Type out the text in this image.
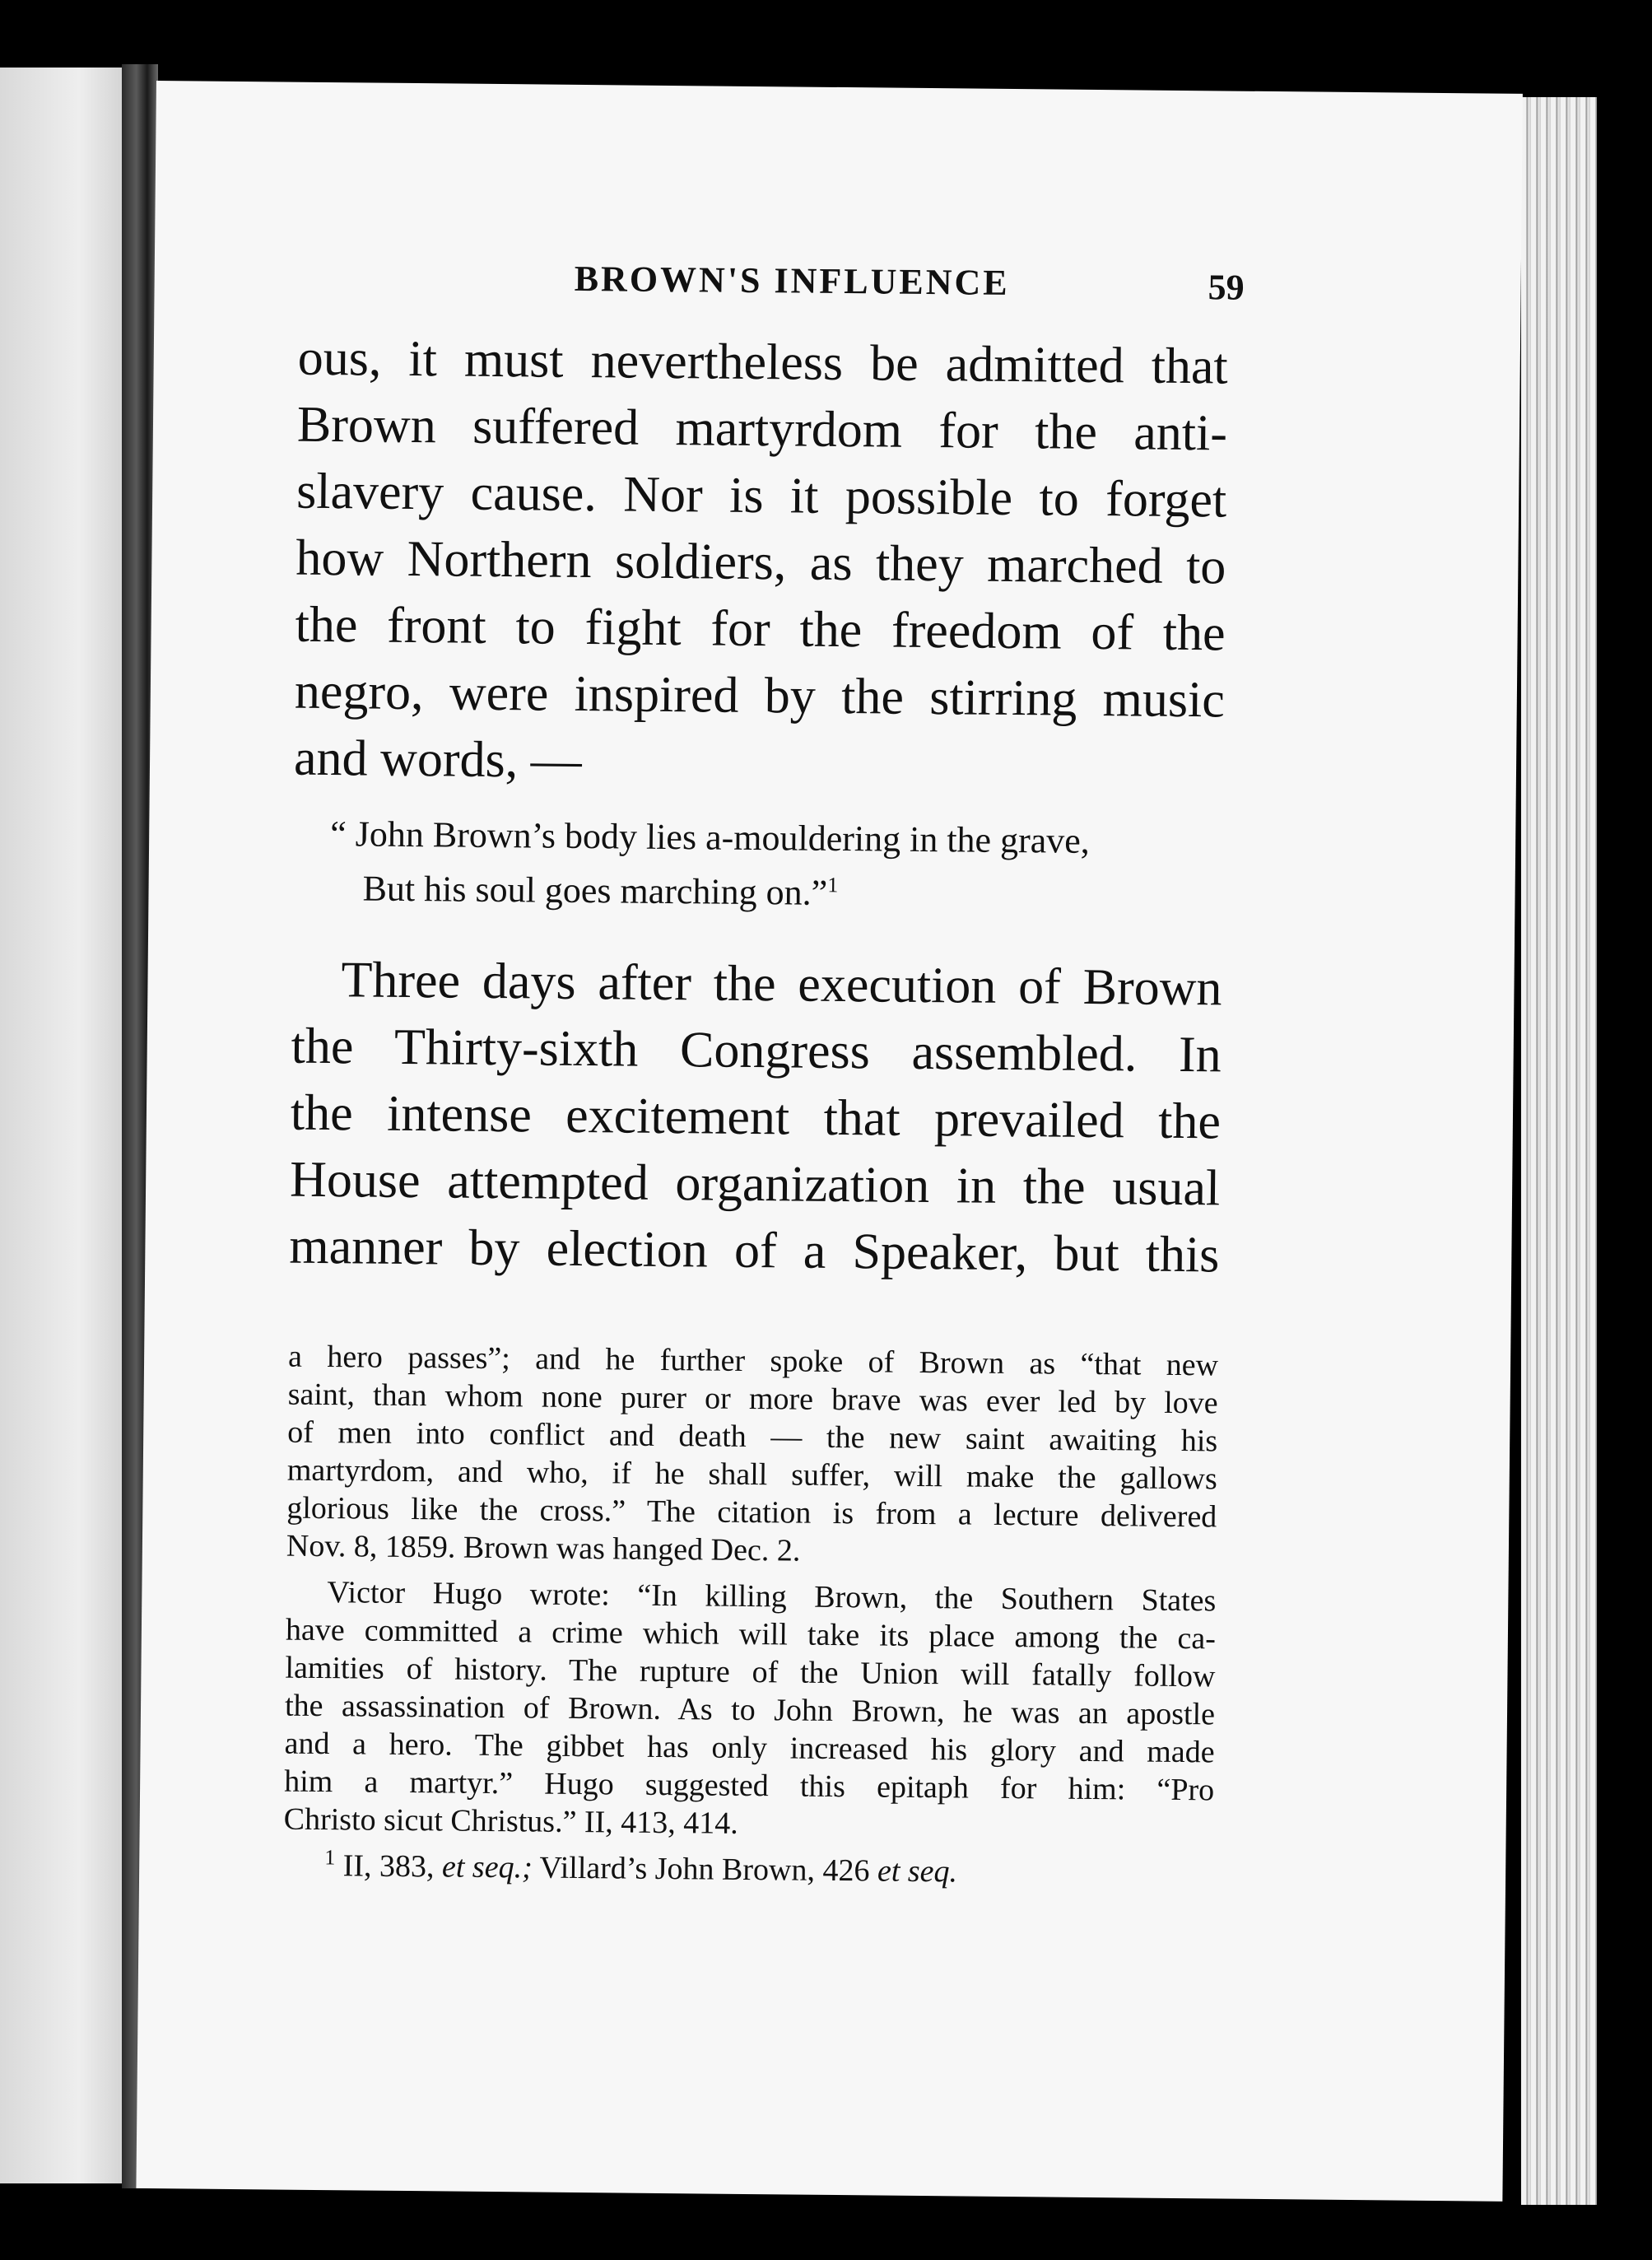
BROWN'S INFLUENCE	59

ous, it must nevertheless be admitted that
Brown suffered martyrdom for the anti-
slavery cause. Nor is it possible to forget
how Northern soldiers, as they marched to
the front to fight for the freedom of the
negro, were inspired by the stirring music
and words, —

“ John Brown’s body lies a-mouldering in the grave,
But his soul goes marching on.”$^1$

Three days after the execution of Brown
the Thirty-sixth Congress assembled. In
the intense excitement that prevailed the
House attempted organization in the usual
manner by election of a Speaker, but this

a hero passes”; and he further spoke of Brown as “that new
saint, than whom none purer or more brave was ever led by love
of men into conflict and death — the new saint awaiting his
martyrdom, and who, if he shall suffer, will make the gallows
glorious like the cross.” The citation is from a lecture delivered
Nov. 8, 1859. Brown was hanged Dec. 2.
Victor Hugo wrote: “In killing Brown, the Southern States
have committed a crime which will take its place among the ca-
lamities of history. The rupture of the Union will fatally follow
the assassination of Brown. As to John Brown, he was an apostle
and a hero. The gibbet has only increased his glory and made
him a martyr.” Hugo suggested this epitaph for him: “Pro
Christo sicut Christus.” II, 413, 414.
$^1$ II, 383, et seq.; Villard’s John Brown, 426 et seq.
